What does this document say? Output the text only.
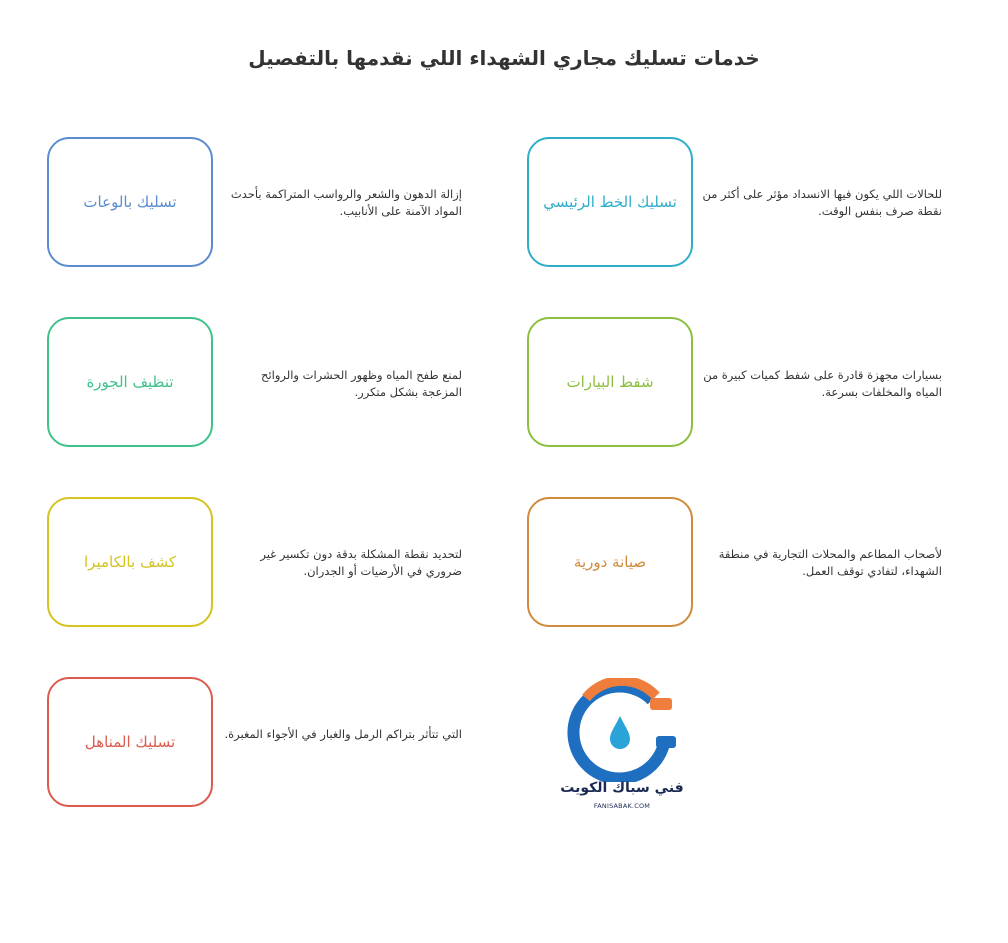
خدمات تسليك مجاري الشهداء اللي نقدمها بالتفصيل
تسليك بالوعات	إزالة الدهون والشعر والرواسب المتراكمة بأحدث المواد الآمنة على الأنابيب.
تنظيف الجورة	لمنع طفح المياه وظهور الحشرات والروائح المزعجة بشكل متكرر.
كشف بالكاميرا	لتحديد نقطة المشكلة بدقة دون تكسير غير ضروري في الأرضيات أو الجدران.
تسليك المناهل	التي تتأثر بتراكم الرمل والغبار في الأجواء المغبرة.
تسليك الخط الرئيسي للحالات اللي يكون فيها الانسداد مؤثر على أكثر من نقطة صرف بنفس الوقت.
شفط البيارات	بسيارات مجهزة قادرة على شفط كميات كبيرة من المياه والمخلفات بسرعة.
صيانة دورية	لأصحاب المطاعم والمحلات التجارية في منطقة الشهداء، لتفادي توقف العمل.
فني سباك الكويت
FANISABAK.COM
